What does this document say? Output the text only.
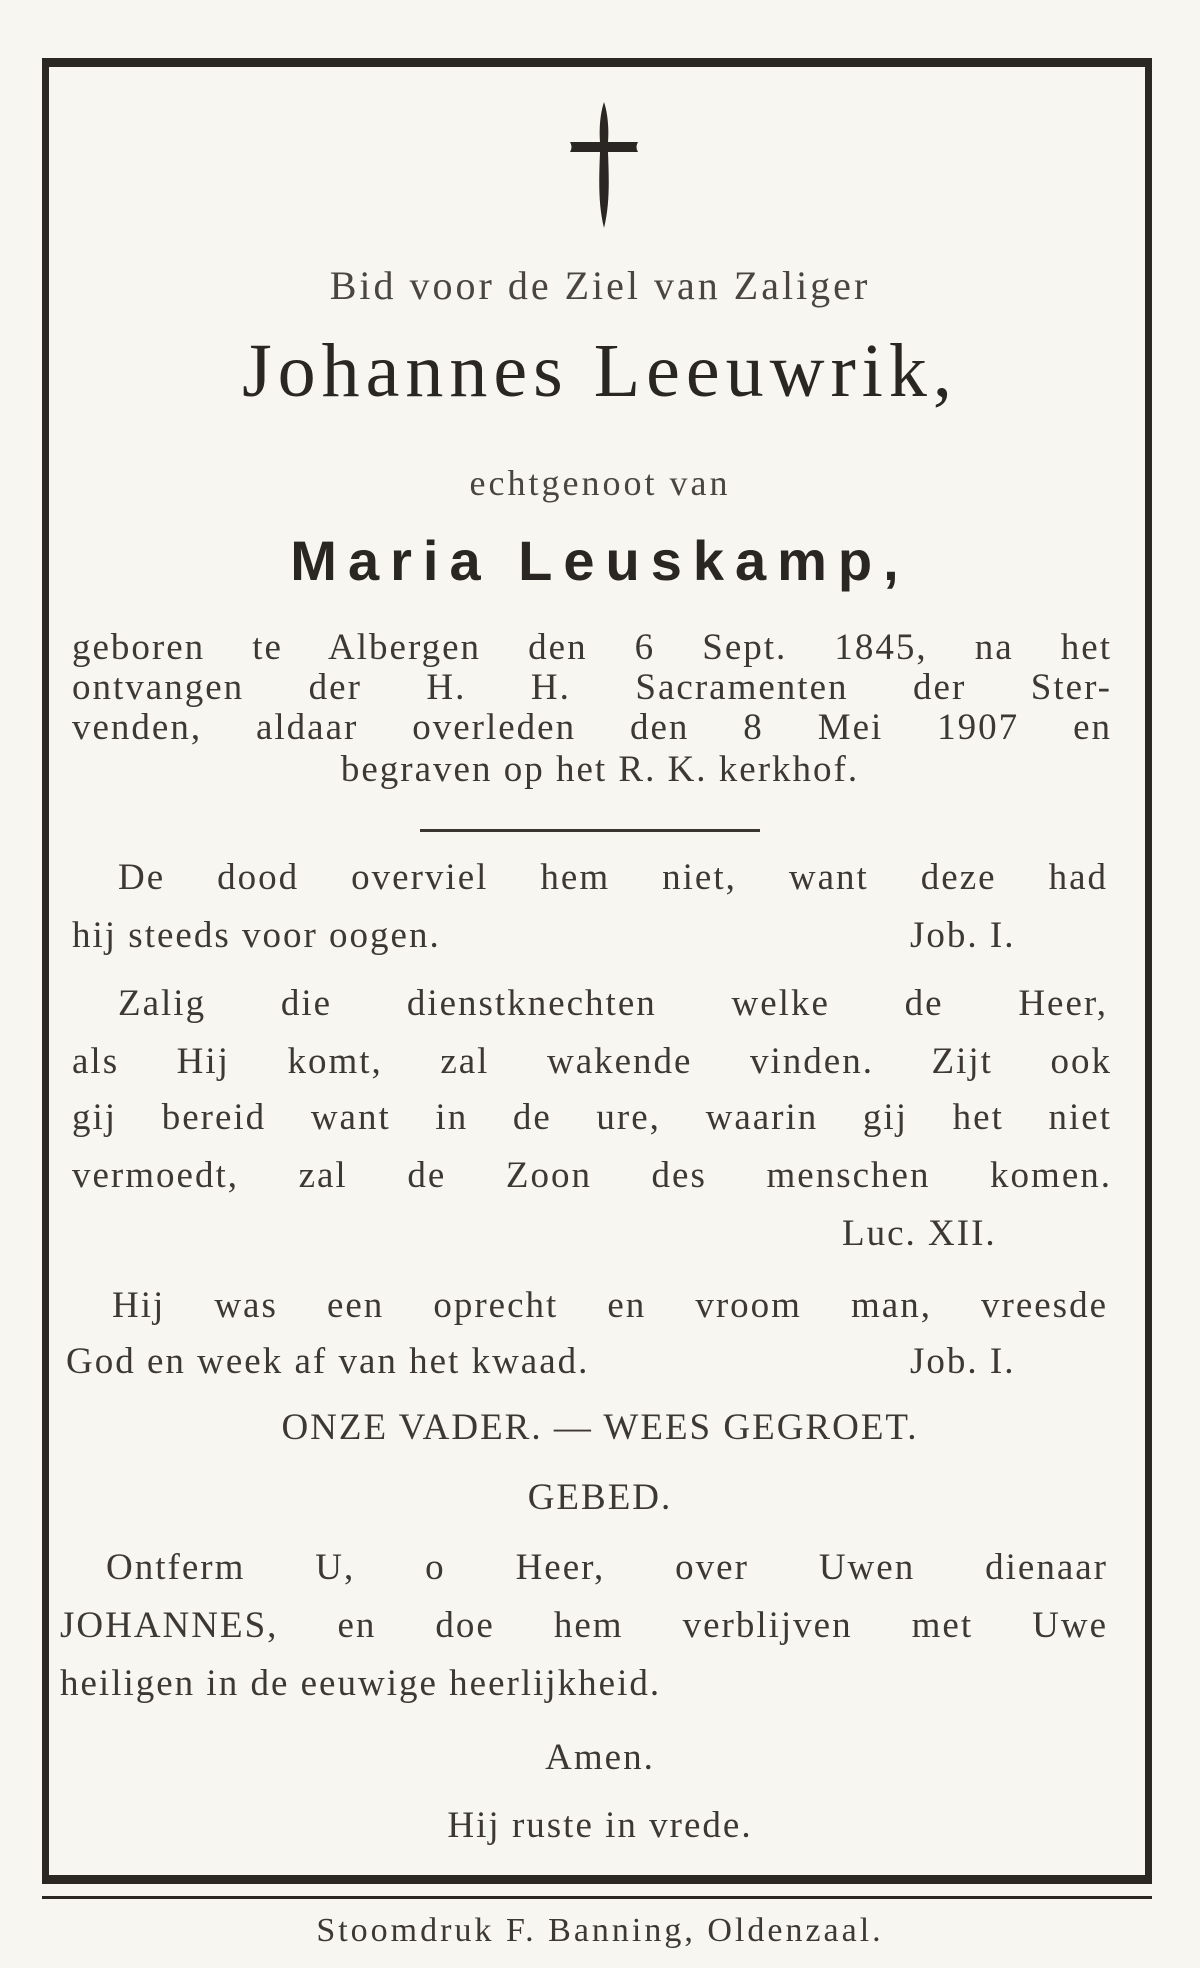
Bid voor de Ziel van Zaliger
Johannes Leeuwrik,
echtgenoot van
Maria Leuskamp,
geboren te Albergen den 6 Sept. 1845, na het
ontvangen der H. H. Sacramenten der Ster-
venden, aldaar overleden den 8 Mei 1907 en
begraven op het R. K. kerkhof.
De dood overviel hem niet, want deze had
hij steeds voor oogen.	Job. I.
Zalig die dienstknechten welke de Heer,
als Hij komt, zal wakende vinden. Zijt ook
gij bereid want in de ure, waarin gij het niet
vermoedt, zal de Zoon des menschen komen.
Luc. XII.
Hij was een oprecht en vroom man, vreesde
God en week af van het kwaad.	Job. I.
ONZE VADER. — WEES GEGROET.
GEBED.
Ontferm U, o Heer, over Uwen dienaar
JOHANNES, en doe hem verblijven met Uwe
heiligen in de eeuwige heerlijkheid.
Amen.
Hij ruste in vrede.
Stoomdruk F. Banning, Oldenzaal.
